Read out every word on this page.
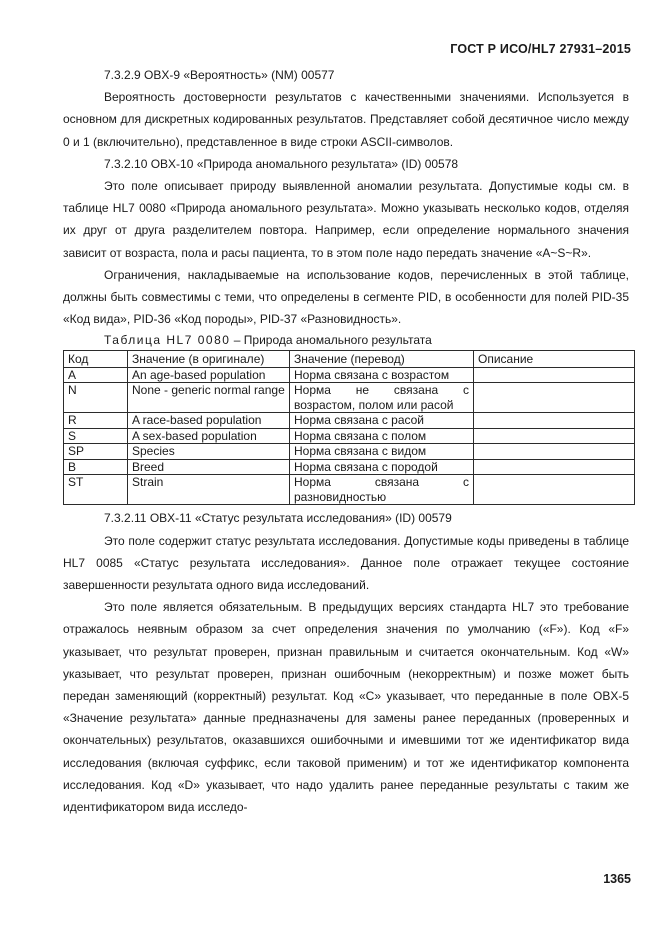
ГОСТ Р ИСО/HL7 27931–2015

7.3.2.9 OBX-9 «Вероятность» (NM) 00577

Вероятность достоверности результатов с качественными значениями. Используется в основном для дискретных кодированных результатов. Представляет собой десятичное число между 0 и 1 (включительно), представленное в виде строки ASCII-символов.

7.3.2.10 OBX-10 «Природа аномального результата» (ID) 00578

Это поле описывает природу выявленной аномалии результата. Допустимые коды см. в таблице HL7 0080 «Природа аномального результата». Можно указывать несколько кодов, отделяя их друг от друга разделителем повтора. Например, если определение нормального значения зависит от возраста, пола и расы пациента, то в этом поле надо передать значение «A~S~R».

Ограничения, накладываемые на использование кодов, перечисленных в этой таблице, должны быть совместимы с теми, что определены в сегменте PID, в особенности для полей PID-35 «Код вида», PID-36 «Код породы», PID-37 «Разновидность».

Таблица HL7 0080 – Природа аномального результата

Код	Значение (в оригинале)	Значение (перевод)	Описание
A	An age-based population	Норма связана с возрастом	
N	None - generic normal range	Норма не связана с возрастом, полом или расой	
R	A race-based population	Норма связана с расой	
S	A sex-based population	Норма связана с полом	
SP	Species	Норма связана с видом	
B	Breed	Норма связана с породой	
ST	Strain	Норма связана с разновидностью	

7.3.2.11 OBX-11 «Статус результата исследования» (ID) 00579

Это поле содержит статус результата исследования. Допустимые коды приведены в таблице HL7 0085 «Статус результата исследования». Данное поле отражает текущее состояние завершенности результата одного вида исследований.

Это поле является обязательным. В предыдущих версиях стандарта HL7 это требование отражалось неявным образом за счет определения значения по умолчанию («F»). Код «F» указывает, что результат проверен, признан правильным и считается окончательным. Код «W» указывает, что результат проверен, признан ошибочным (некорректным) и позже может быть передан заменяющий (корректный) результат. Код «C» указывает, что переданные в поле OBX-5 «Значение результата» данные предназначены для замены ранее переданных (проверенных и окончательных) результатов, оказавшихся ошибочными и имевшими тот же идентификатор вида исследования (включая суффикс, если таковой применим) и тот же идентификатор компонента исследования. Код «D» указывает, что надо удалить ранее переданные результаты с таким же идентификатором вида исследо-

1365
